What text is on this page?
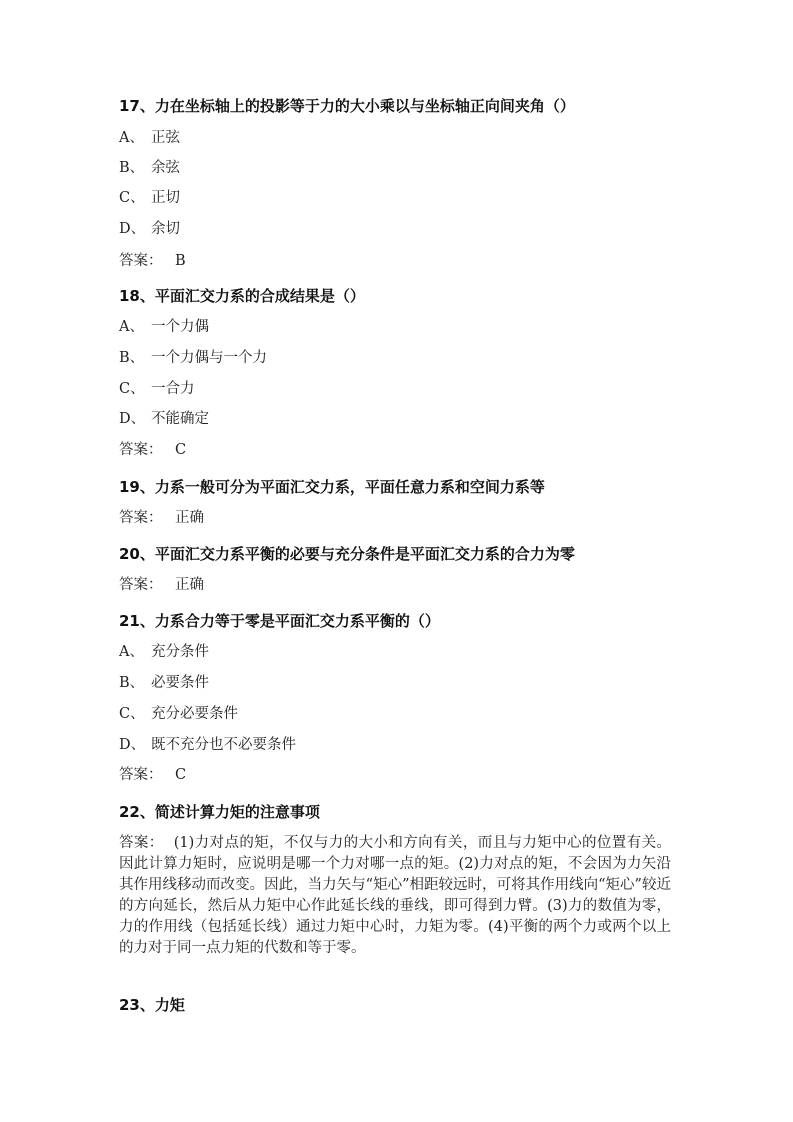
17、力在坐标轴上的投影等于力的大小乘以与坐标轴正向间夹角（）
A、 正弦
B、 余弦
C、 正切
D、 余切
答案： B
18、平面汇交力系的合成结果是（）
A、 一个力偶
B、 一个力偶与一个力
C、 一合力
D、 不能确定
答案： C
19、力系一般可分为平面汇交力系，平面任意力系和空间力系等
答案： 正确
20、平面汇交力系平衡的必要与充分条件是平面汇交力系的合力为零
答案： 正确
21、力系合力等于零是平面汇交力系平衡的（）
A、 充分条件
B、 必要条件
C、 充分必要条件
D、 既不充分也不必要条件
答案： C
22、简述计算力矩的注意事项
答案： (1)力对点的矩，不仅与力的大小和方向有关，而且与力矩中心的位置有关。因此计算力矩时，应说明是哪一个力对哪一点的矩。(2)力对点的矩，不会因为力矢沿其作用线移动而改变。因此，当力矢与“矩心”相距较远时，可将其作用线向“矩心”较近的方向延长，然后从力矩中心作此延长线的垂线，即可得到力臂。(3)力的数值为零，力的作用线（包括延长线）通过力矩中心时，力矩为零。(4)平衡的两个力或两个以上的力对于同一点力矩的代数和等于零。
23、力矩
